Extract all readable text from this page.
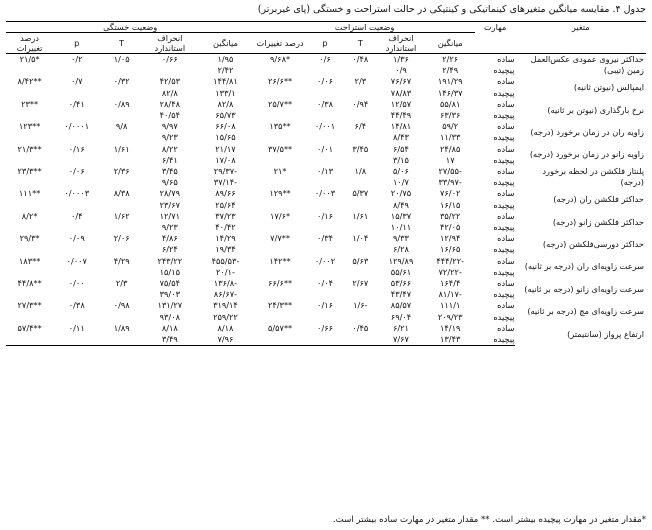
جدول ۴. مقایسه میانگین متغیرهای کینماتیکی و کینتیکی در حالت استراحت و خستگی (پای غیربرتر)
متغیر	مهارت	وضعیت استراحت					وضعیت خستگی				
		میانگین	انحراف استاندارد	T	p	درصد تغییرات	میانگین	انحراف استاندارد	T	p	درصد تغییرات
حداکثر نیروی عمودی عکس‌العمل زمین (تیبی)	ساده	۲/۲۶	۱/۳۶	۰/۴۸	۰/۶	*۹/۶۸	۱/۹۵	۰/۶۶	۱/۰۵	۰/۲	*۲۱/۵
	پیچیده	۲/۴۹	۰/۹				۲/۴۲				
ایمپالس (نیوتن ثانیه)	ساده	۱۹۱/۲۹	۷۶/۶۷	۲/۳	۰/۰۶	**۲۶/۶	۱۴۴/۸۱	۴۲/۵۳	۰/۳۲	۰/۷	**۸/۴۲
	پیچیده	۱۴۶/۳۷	۷۸/۸۳				۱۳۳/۱	۸۲/۸			
نرخ بارگذاری (نیوتن بر ثانیه)	ساده	۵۵/۸۱	۱۲/۵۷	۰/۹۴	۰/۳۸	**۲۵/۷	۸۲/۸	۲۸/۴۸	۰/۸۹	۰/۴۱	**۲۳
	پیچیده	۶۳/۳۶	۴۴/۴۹				۶۵/۷۳	۴۰/۵۴			
زاویه ران در زمان برخورد (درجه)	ساده	۵۹/۲	۱۴/۸۱	۶/۴	۰/۰۰۱	**۱۳۵	۶۶/۰۸	۹/۹۷	۹/۸	۰/۰۰۰۱	**۱۲۳
	پیچیده	۱۱/۳۳	۸/۴۳				۱۵/۶۵	۹/۲۳			
زاویه زانو در زمان برخورد (درجه)	ساده	۲۴/۸۵	۶/۵۴	۳/۴۵	۰/۰۱	**۳۷/۵	۲۱/۱۷	۸/۲۲	۱/۶۱	۰/۱۶	**۲۱/۳
	پیچیده	۱۷	۳/۱۵				۱۷/۰۸	۶/۴۱			
پلنتار فلکشن در لحظه برخورد (درجه)	ساده	-۲۷/۵۵	۵/۰۶	۱/۸	۰/۱۳	*۲۱	-۲۹/۳۷	۳/۴۵	۲/۳۶	۰/۰۶	**۲۳/۳
	پیچیده	-۳۳/۹۷	۱۰/۷				-۳۷/۱۴	۹/۶۵			
حداکثر فلکشن ران (درجه)	ساده	۷۶/۰۲	۲۰/۷۵	۵/۳۷	۰/۰۰۳	**۱۲۹	۸۹/۶۶	۲۸/۷۹	۸/۳۸	۰/۰۰۰۳	**۱۱۱
	پیچیده	۱۶/۱۵	۸/۴۹				۲۵/۶۴	۲۳/۶۷			
حداکثر فلکشن زانو (درجه)	ساده	۳۵/۲۲	۱۵/۳۷	۱/۶۱	۰/۱۶	*۱۷/۶	۳۷/۲۳	۱۲/۷۱	۱/۶۲	۰/۴	*۸/۲
	پیچیده	۴۲/۰۵	۱۰/۱۱				۴۰/۴۲	۹/۲۳			
حداکثر دورسی‌فلکشن (درجه)	ساده	۱۲/۹۴	۹/۳۳	۱/۰۴	۰/۳۴	**۷/۷	۱۴/۲۹	۴/۸۶	۲/۰۶	۰/۰۹	*۲۹/۳
	پیچیده	۱۶/۶۵	۶/۲۸				۱۹/۳۴	۶/۲۴			
سرعت زاویه‌ای ران (درجه بر ثانیه)	ساده	-۴۴۴/۲۲	۱۲۹/۸۹	۵/۶۳	۰/۰۰۲	**۱۴۲	-۴۵۵/۵۳	۲۴۳/۲۲	۴/۲۹	۰/۰۰۷	**۱۸۳
	پیچیده	-۷۲/۲۲	۵۵/۶۱				-۲۰/۱	۱۵/۱۵			
سرعت زاویه‌ای زانو (درجه بر ثانیه)	ساده	۱۶۴/۴	۵۳/۶۶	۲/۶۷	۰/۰۴	**۶۶/۶	-۱۳۶/۸	۷۵/۵۴	۲/۳	۰/۰۰	**۴۴/۸
	پیچیده	-۸۱/۱۷	۴۳/۴۷				-۸۶/۶۷	۳۹/۰۳			
سرعت زاویه‌ای مچ (درجه بر ثانیه)	ساده	۱۱۱/۱	۸۵/۵۷	-۱/۶	۰/۱۶	**۲۴/۳	۳۱۹/۱۴	۱۳۱/۲۷	۰/۹۸	۰/۳۸	**۲۷/۳
	پیچیده	۲۰۹/۲۳	۶۹/۰۴				۲۵۹/۲۲	۹۳/۰۸			
ارتفاع پرواز (سانتیمتر)	ساده	۱۴/۱۹	۶/۲۱	۰/۴۵	۰/۶۶	**۵/۵۷	۸/۱۸	۸/۱۸	۱/۸۹	۰/۱۱	**۵۷/۴
	پیچیده	۱۳/۴۳	۷/۶۷				۷/۹۶	۳/۴۹			
*مقدار متغیر در مهارت پیچیده بیشتر است. ** مقدار متغیر در مهارت ساده بیشتر است.
